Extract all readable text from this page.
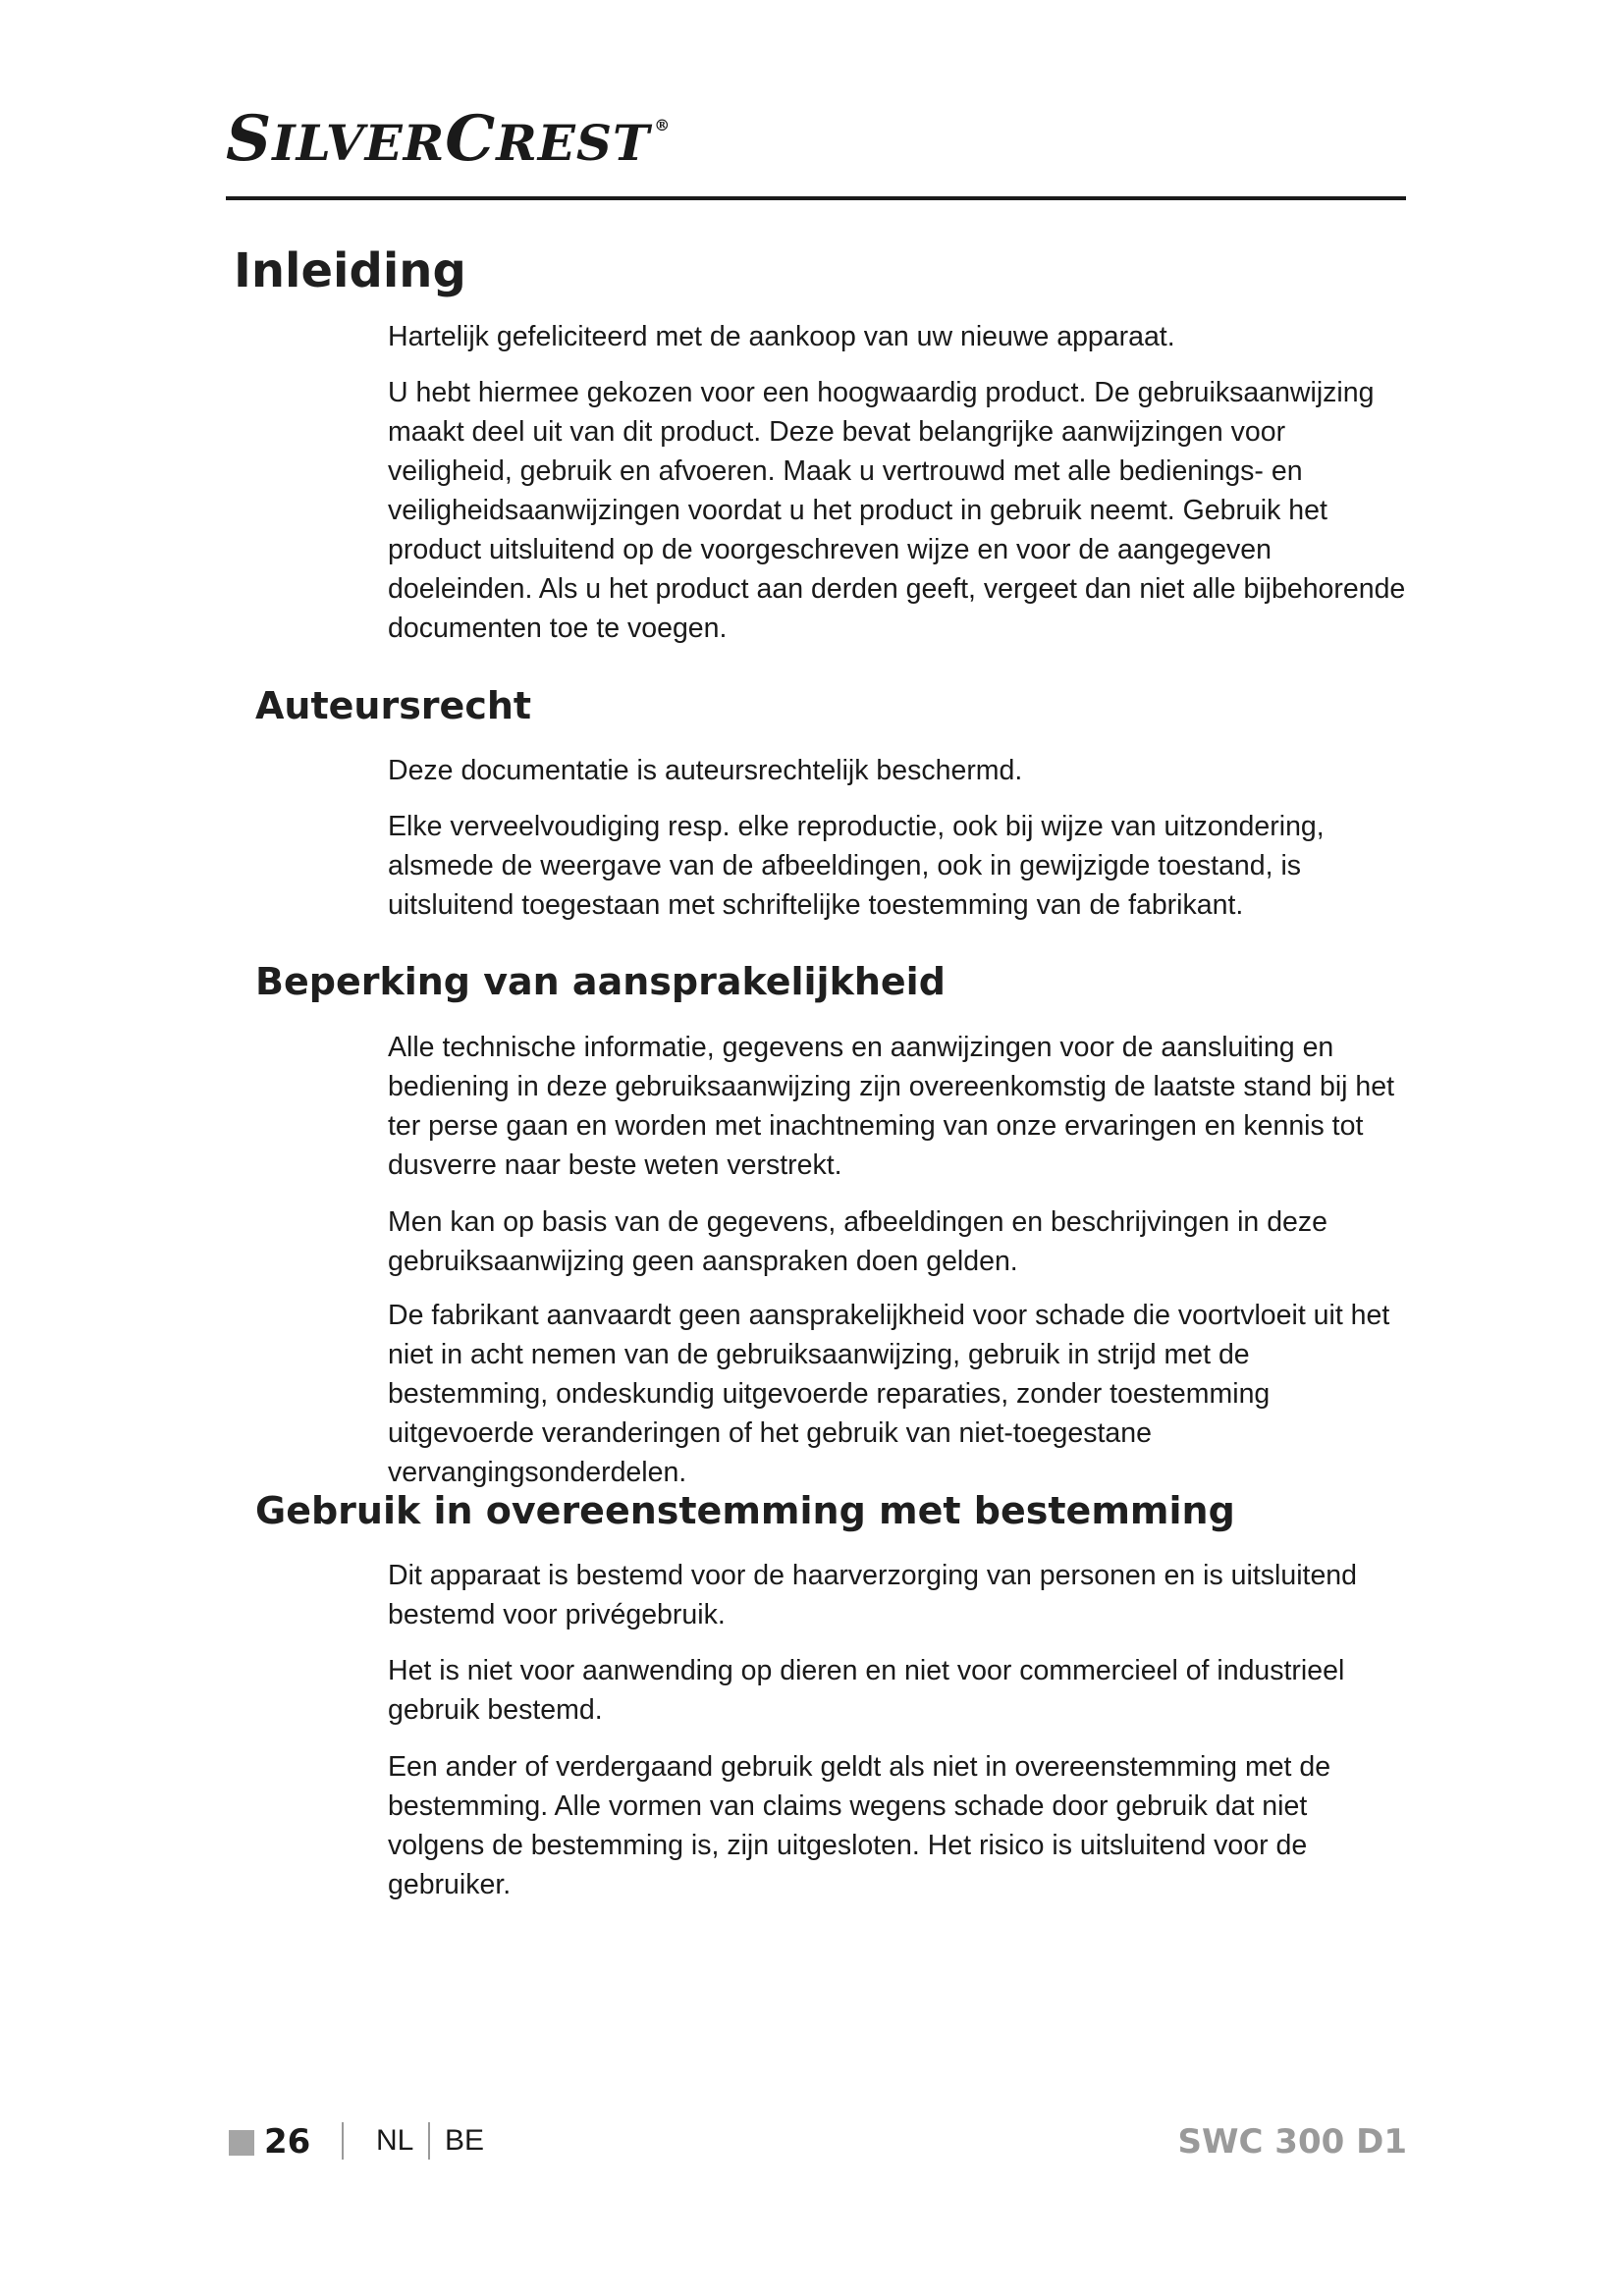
SILVERCREST ®
Inleiding

Hartelijk gefeliciteerd met de aankoop van uw nieuwe apparaat.

U hebt hiermee gekozen voor een hoogwaardig product. De gebruiksaanwijzing maakt deel uit van dit product. Deze bevat belangrijke aanwijzingen voor veiligheid, gebruik en afvoeren. Maak u vertrouwd met alle bedienings- en veiligheidsaanwijzingen voordat u het product in gebruik neemt. Gebruik het product uitsluitend op de voorgeschreven wijze en voor de aangegeven doeleinden. Als u het product aan derden geeft, vergeet dan niet alle bijbehorende documenten toe te voegen.

Auteursrecht

Deze documentatie is auteursrechtelijk beschermd.

Elke verveelvoudiging resp. elke reproductie, ook bij wijze van uitzondering, alsmede de weergave van de afbeeldingen, ook in gewijzigde toestand, is uitsluitend toegestaan met schriftelijke toestemming van de fabrikant.

Beperking van aansprakelijkheid

Alle technische informatie, gegevens en aanwijzingen voor de aansluiting en bediening in deze gebruiksaanwijzing zijn overeenkomstig de laatste stand bij het ter perse gaan en worden met inachtneming van onze ervaringen en kennis tot dusverre naar beste weten verstrekt.

Men kan op basis van de gegevens, afbeeldingen en beschrijvingen in deze gebruiksaanwijzing geen aanspraken doen gelden.

De fabrikant aanvaardt geen aansprakelijkheid voor schade die voortvloeit uit het niet in acht nemen van de gebruiksaanwijzing, gebruik in strijd met de bestemming, ondeskundig uitgevoerde reparaties, zonder toestemming uitgevoerde veranderingen of het gebruik van niet-toegestane vervangingsonderdelen.

Gebruik in overeenstemming met bestemming

Dit apparaat is bestemd voor de haarverzorging van personen en is uitsluitend bestemd voor privégebruik.

Het is niet voor aanwending op dieren en niet voor commercieel of industrieel gebruik bestemd.

Een ander of verdergaand gebruik geldt als niet in overeenstemming met de bestemming. Alle vormen van claims wegens schade door gebruik dat niet volgens de bestemming is, zijn uitgesloten. Het risico is uitsluitend voor de gebruiker.

26 NL BE	SWC 300 D1
